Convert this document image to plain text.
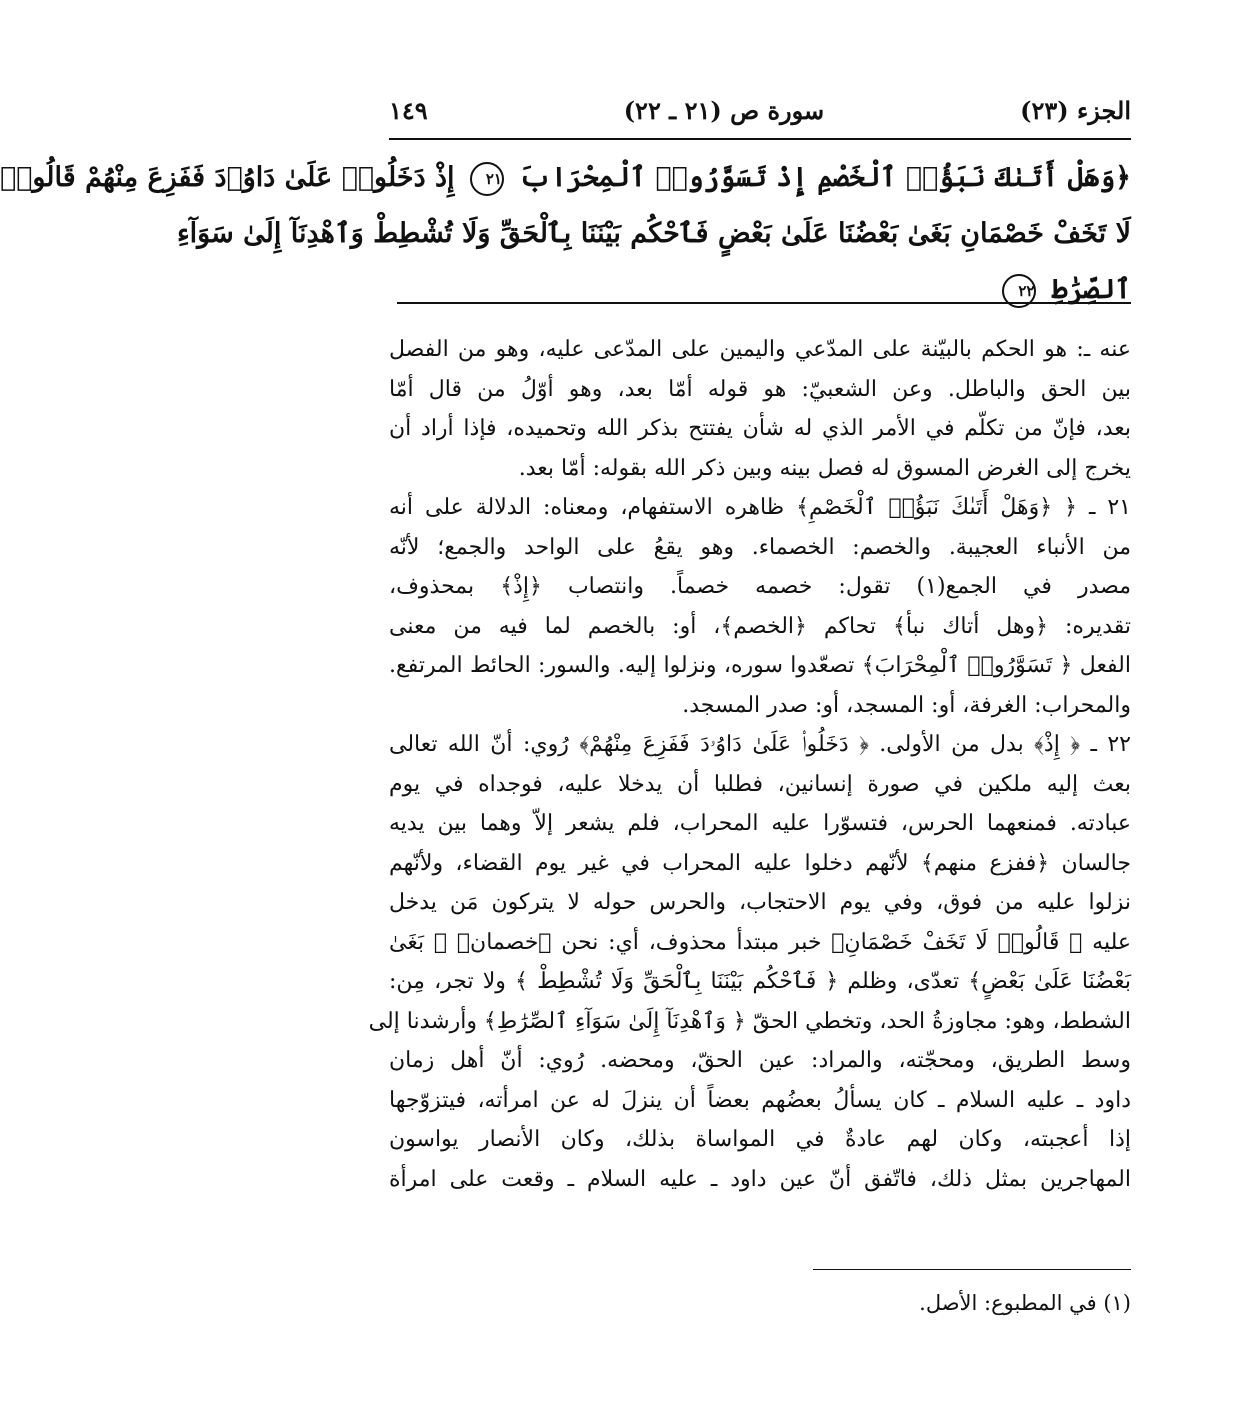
الجزء (٢٣)
سورة ص (٢١ ـ ٢٢)
١٤٩
﴿وَهَلْ أَتَىٰكَ نَبَؤُا۟ ٱلْخَصْمِ إِذْ تَسَوَّرُوا۟ ٱلْمِحْرَابَ ٢١ إِذْ دَخَلُوا۟ عَلَىٰ دَاوُۥدَ فَفَزِعَ مِنْهُمْ قَالُوا۟
لَا تَخَفْ خَصْمَانِ بَغَىٰ بَعْضُنَا عَلَىٰ بَعْضٍ فَٱحْكُم بَيْنَنَا بِٱلْحَقِّ وَلَا تُشْطِطْ وَٱهْدِنَآ إِلَىٰ سَوَآءِ
ٱلصِّرَٰطِ ٢٢
عنه ـ: هو الحكم بالبيّنة على المدّعي واليمين على المدّعى عليه، وهو من الفصل
بين الحق والباطل. وعن الشعبيّ: هو قوله أمّا بعد، وهو أوّلُ من قال أمّا
بعد، فإنّ من تكلّم في الأمر الذي له شأن يفتتح بذكر الله وتحميده، فإذا أراد أن
يخرج إلى الغرض المسوق له فصل بينه وبين ذكر الله بقوله: أمّا بعد.
٢١ ـ ﴿ ﴿وَهَلْ أَتَىٰكَ نَبَؤُا۟ ٱلْخَصْمِ﴾ ظاهره الاستفهام، ومعناه: الدلالة على أنه
من الأنباء العجيبة. والخصم: الخصماء. وهو يقعُ على الواحد والجمع؛ لأنّه
مصدر في الجمع(١) تقول: خصمه خصماً. وانتصاب ﴿إِذْ﴾ بمحذوف،
تقديره: ﴿وهل أتاك نبأ﴾ تحاكم ﴿الخصم﴾، أو: بالخصم لما فيه من معنى
الفعل ﴿ تَسَوَّرُوا۟ ٱلْمِحْرَابَ﴾ تصعّدوا سوره، ونزلوا إليه. والسور: الحائط المرتفع.
والمحراب: الغرفة، أو: المسجد، أو: صدر المسجد.
٢٢ ـ ﴿ إِذْ﴾ بدل من الأولى. ﴿ دَخَلُوا۟ عَلَىٰ دَاوُۥدَ فَفَزِعَ مِنْهُمْ﴾ رُوي: أنّ الله تعالى
بعث إليه ملكين في صورة إنسانين، فطلبا أن يدخلا عليه، فوجداه في يوم
عبادته. فمنعهما الحرس، فتسوّرا عليه المحراب، فلم يشعر إلاّ وهما بين يديه
جالسان ﴿ففزع منهم﴾ لأنّهم دخلوا عليه المحراب في غير يوم القضاء، ولأنّهم
نزلوا عليه من فوق، وفي يوم الاحتجاب، والحرس حوله لا يتركون مَن يدخل
عليه ﴿ قَالُوا۟ لَا تَخَفْ خَصْمَانِ﴾ خبر مبتدأ محذوف، أي: نحن ﴿خصمان﴾ ﴿ بَغَىٰ
بَعْضُنَا عَلَىٰ بَعْضٍ﴾ تعدّى، وظلم ﴿ فَٱحْكُم بَيْنَنَا بِٱلْحَقِّ وَلَا تُشْطِطْ ﴾ ولا تجر، مِن:
الشطط، وهو: مجاوزةُ الحد، وتخطي الحقّ ﴿ وَٱهْدِنَآ إِلَىٰ سَوَآءِ ٱلصِّرَٰطِ﴾ وأرشدنا إلى
وسط الطريق، ومحجّته، والمراد: عين الحقّ، ومحضه. رُوي: أنّ أهل زمان
داود ـ عليه السلام ـ كان يسألُ بعضُهم بعضاً أن ينزلَ له عن امرأته، فيتزوّجها
إذا أعجبته، وكان لهم عادةٌ في المواساة بذلك، وكان الأنصار يواسون
المهاجرين بمثل ذلك، فاتّفق أنّ عين داود ـ عليه السلام ـ وقعت على امرأة
(١) في المطبوع: الأصل.
